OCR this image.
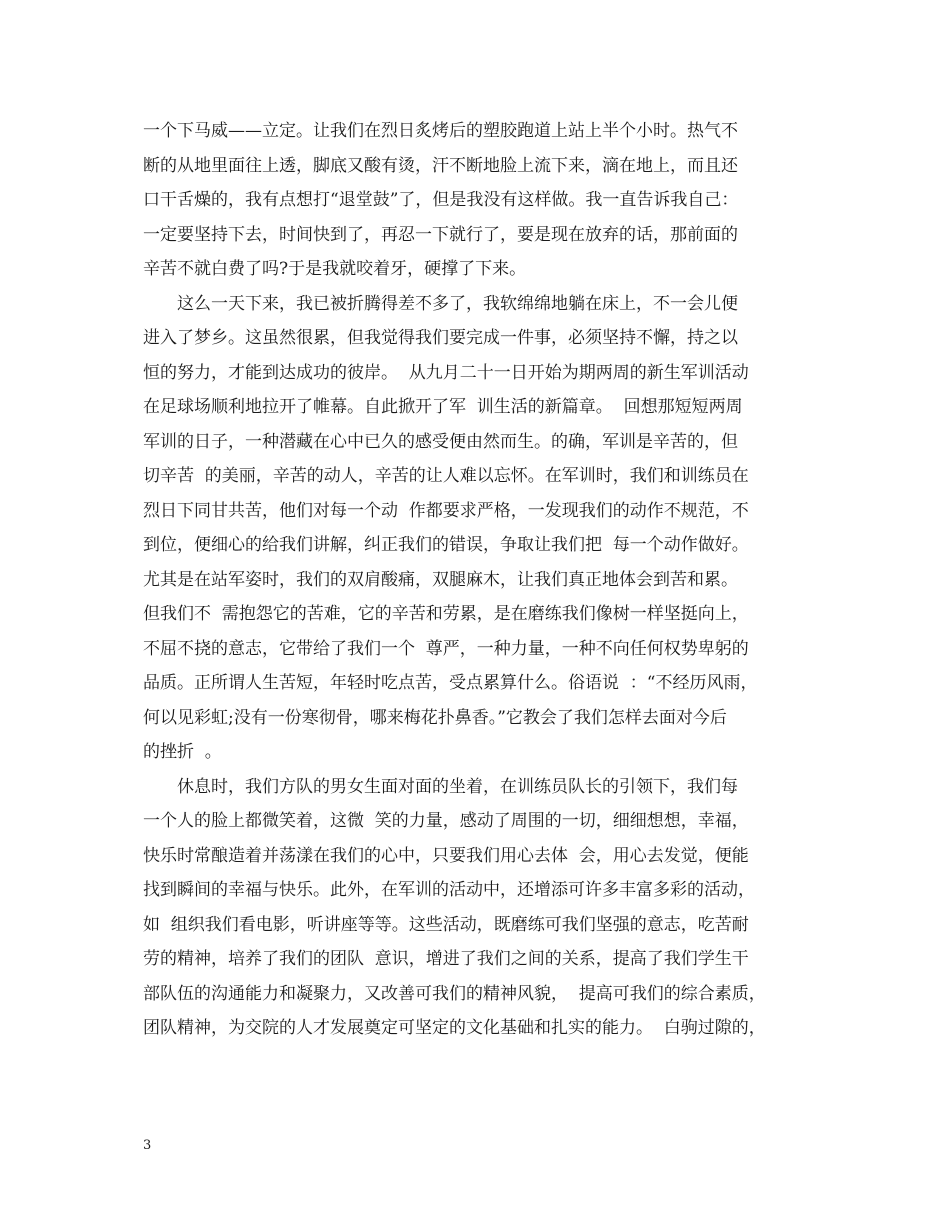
一个下马威——立定。让我们在烈日炙烤后的塑胶跑道上站上半个小时。热气不
断的从地里面往上透，脚底又酸有烫，汗不断地脸上流下来，滴在地上，而且还
口干舌燥的，我有点想打“退堂鼓”了，但是我没有这样做。我一直告诉我自己：
一定要坚持下去，时间快到了，再忍一下就行了，要是现在放弃的话，那前面的
辛苦不就白费了吗?于是我就咬着牙，硬撑了下来。
　　这么一天下来，我已被折腾得差不多了，我软绵绵地躺在床上，不一会儿便
进入了梦乡。这虽然很累，但我觉得我们要完成一件事，必须坚持不懈，持之以
恒的努力，才能到达成功的彼岸。  从九月二十一日开始为期两周的新生军训活动
在足球场顺利地拉开了帷幕。自此掀开了军  训生活的新篇章。  回想那短短两周
军训的日子，一种潜藏在心中已久的感受便由然而生。的确，军训是辛苦的，但
切辛苦  的美丽，辛苦的动人，辛苦的让人难以忘怀。在军训时，我们和训练员在
烈日下同甘共苦，他们对每一个动  作都要求严格，一发现我们的动作不规范，不
到位，便细心的给我们讲解，纠正我们的错误，争取让我们把  每一个动作做好。
尤其是在站军姿时，我们的双肩酸痛，双腿麻木，让我们真正地体会到苦和累。
但我们不  需抱怨它的苦难，它的辛苦和劳累，是在磨练我们像树一样坚挺向上，
不屈不挠的意志，它带给了我们一个  尊严，一种力量，一种不向任何权势卑躬的
品质。正所谓人生苦短，年轻时吃点苦，受点累算什么。俗语说  ：“不经历风雨，
何以见彩虹;没有一份寒彻骨，哪来梅花扑鼻香。”它教会了我们怎样去面对今后
的挫折  。
　　休息时，我们方队的男女生面对面的坐着，在训练员队长的引领下，我们每
一个人的脸上都微笑着，这微  笑的力量，感动了周围的一切，细细想想，幸福，
快乐时常酿造着并荡漾在我们的心中，只要我们用心去体  会，用心去发觉，便能
找到瞬间的幸福与快乐。此外，在军训的活动中，还增添可许多丰富多彩的活动，
如  组织我们看电影，听讲座等等。这些活动，既磨练可我们坚强的意志，吃苦耐
劳的精神，培养了我们的团队  意识，增进了我们之间的关系，提高了我们学生干
部队伍的沟通能力和凝聚力，又改善可我们的精神风貌，  提高可我们的综合素质，
团队精神，为交院的人才发展奠定可坚定的文化基础和扎实的能力。  白驹过隙的，
3
